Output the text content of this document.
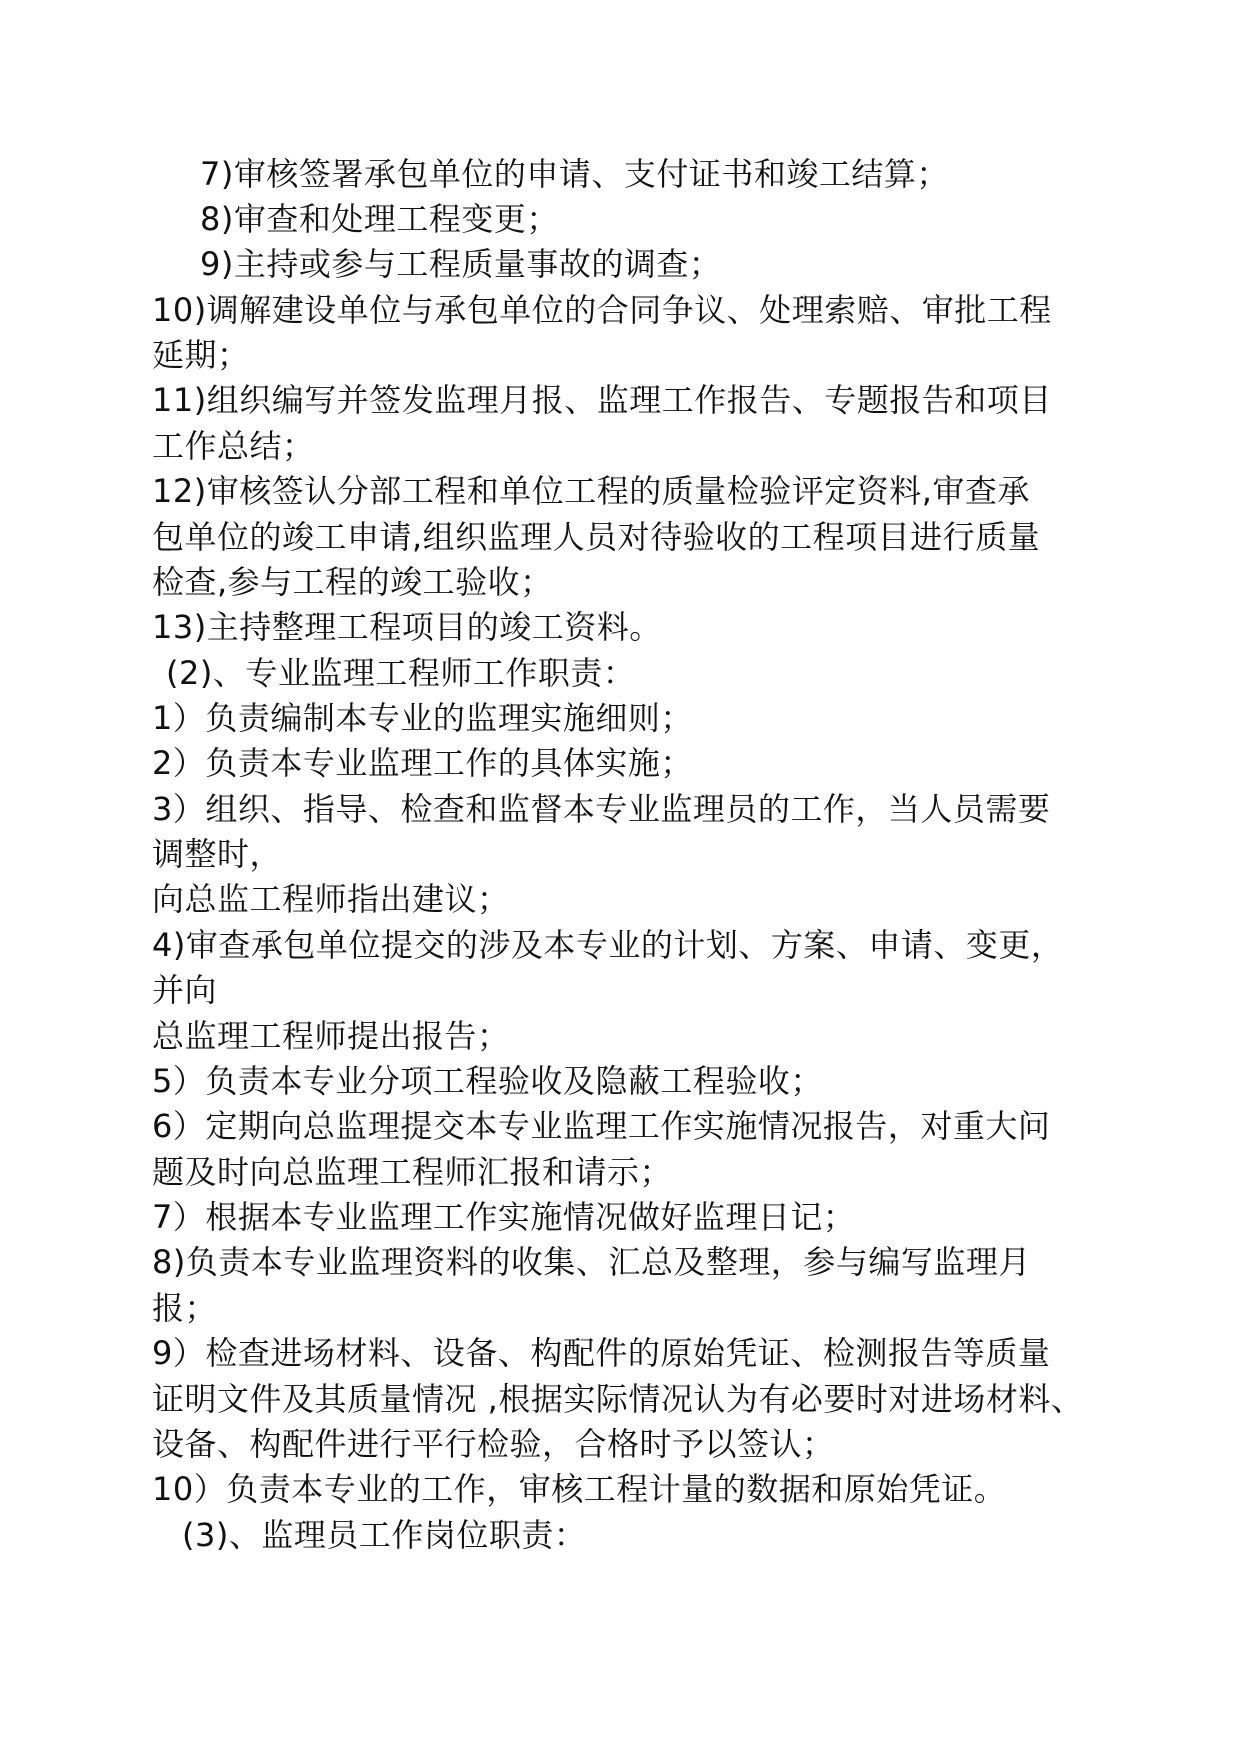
7)审核签署承包单位的申请、支付证书和竣工结算；
8)审查和处理工程变更；
9)主持或参与工程质量事故的调查；
10)调解建设单位与承包单位的合同争议、处理索赔、审批工程
延期；
11)组织编写并签发监理月报、监理工作报告、专题报告和项目
工作总结；
12)审核签认分部工程和单位工程的质量检验评定资料,审查承
包单位的竣工申请,组织监理人员对待验收的工程项目进行质量
检查,参与工程的竣工验收；
13)主持整理工程项目的竣工资料。
(2)、专业监理工程师工作职责：
1）负责编制本专业的监理实施细则；
2）负责本专业监理工作的具体实施；
3）组织、指导、检查和监督本专业监理员的工作，当人员需要
调整时，
向总监工程师指出建议；
4)审查承包单位提交的涉及本专业的计划、方案、申请、变更，
并向
总监理工程师提出报告；
5）负责本专业分项工程验收及隐蔽工程验收；
6）定期向总监理提交本专业监理工作实施情况报告，对重大问
题及时向总监理工程师汇报和请示；
7）根据本专业监理工作实施情况做好监理日记；
8)负责本专业监理资料的收集、汇总及整理，参与编写监理月
报；
9）检查进场材料、设备、构配件的原始凭证、检测报告等质量
证明文件及其质量情况 ,根据实际情况认为有必要时对进场材料、
设备、构配件进行平行检验，合格时予以签认；
10）负责本专业的工作，审核工程计量的数据和原始凭证。
(3)、监理员工作岗位职责：
